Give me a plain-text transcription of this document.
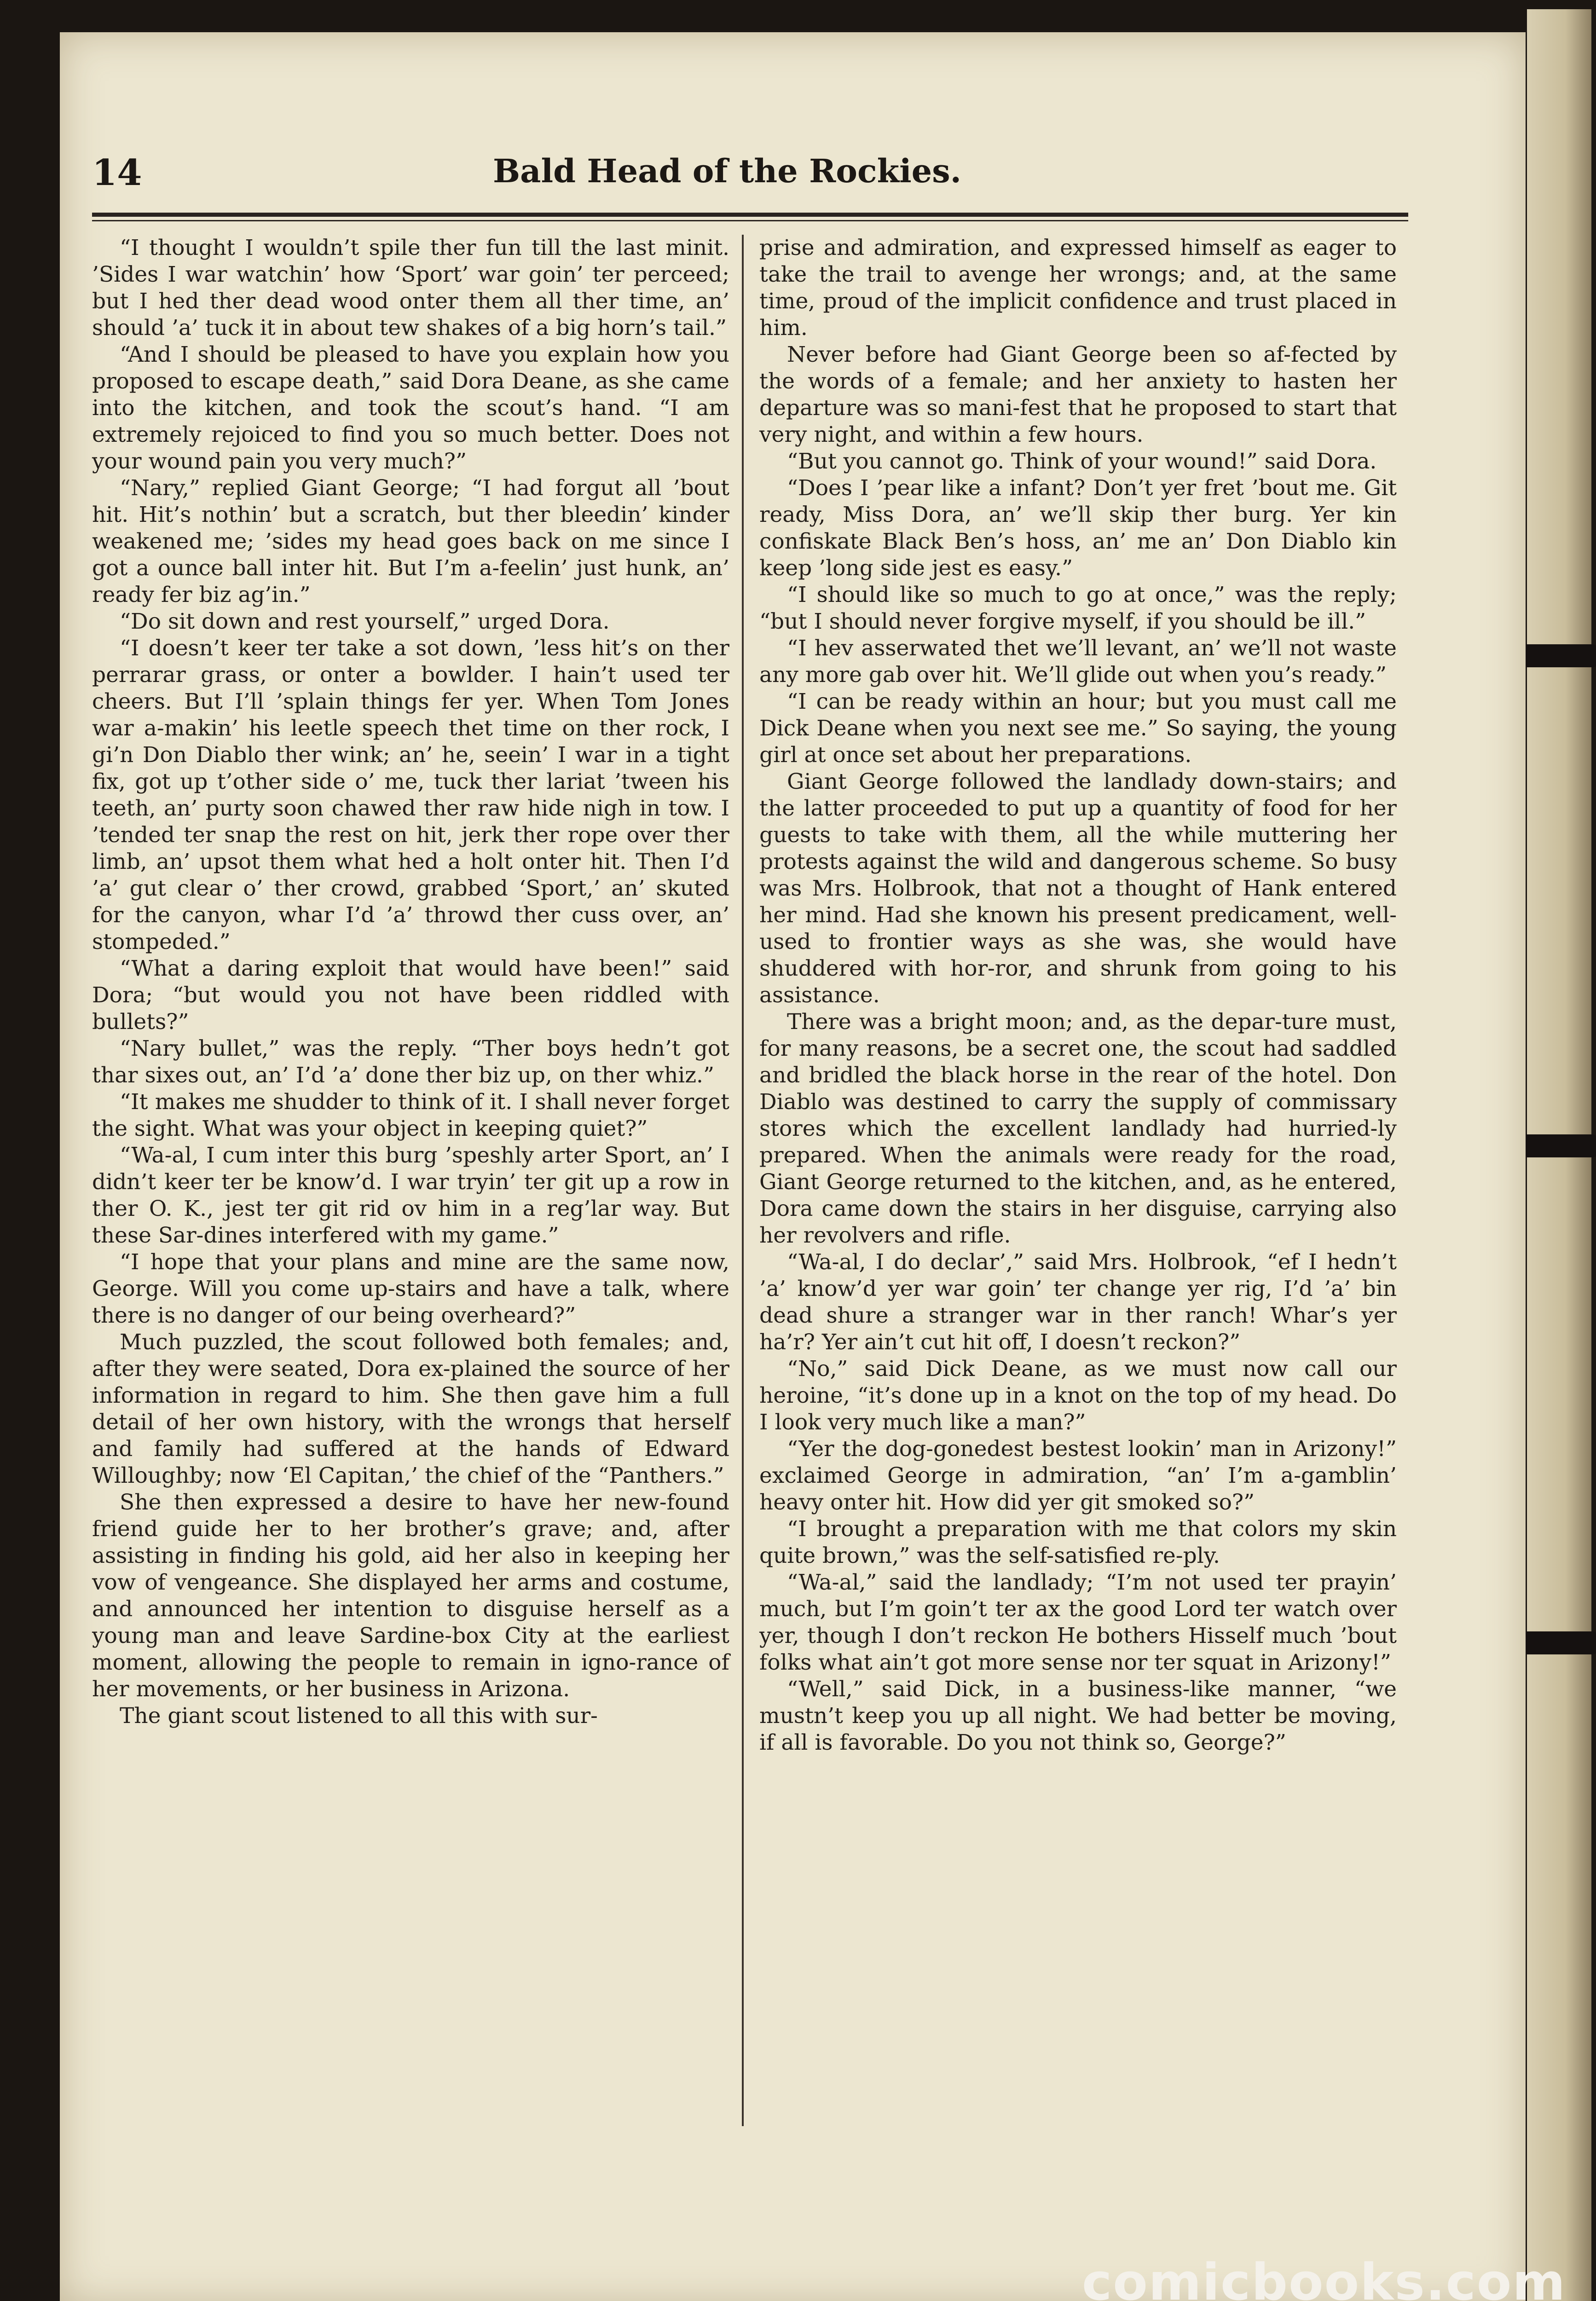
14	Bald Head of the Rockies.

“I thought I wouldn’t spile ther fun till the last minit. ’Sides I war watchin’ how ‘Sport’ war goin’ ter perceed; but I hed ther dead wood onter them all ther time, an’ should ’a’ tuck it in about tew shakes of a big horn’s tail.”

“And I should be pleased to have you explain how you proposed to escape death,” said Dora Deane, as she came into the kitchen, and took the scout’s hand. “I am extremely rejoiced to find you so much better. Does not your wound pain you very much?”

“Nary,” replied Giant George; “I had forgut all ’bout hit. Hit’s nothin’ but a scratch, but ther bleedin’ kinder weakened me; ’sides my head goes back on me since I got a ounce ball inter hit. But I’m a-feelin’ just hunk, an’ ready fer biz ag’in.”

“Do sit down and rest yourself,” urged Dora.

“I doesn’t keer ter take a sot down, ’less hit’s on ther perrarar grass, or onter a bowlder. I hain’t used ter cheers. But I’ll ’splain things fer yer. When Tom Jones war a-makin’ his leetle speech thet time on ther rock, I gi’n Don Diablo ther wink; an’ he, seein’ I war in a tight fix, got up t’other side o’ me, tuck ther lariat ’tween his teeth, an’ purty soon chawed ther raw hide nigh in tow. I ’tended ter snap the rest on hit, jerk ther rope over ther limb, an’ upsot them what hed a holt onter hit. Then I’d ’a’ gut clear o’ ther crowd, grabbed ‘Sport,’ an’ skuted for the canyon, whar I’d ’a’ throwd ther cuss over, an’ stompeded.”

“What a daring exploit that would have been!” said Dora; “but would you not have been riddled with bullets?”

“Nary bullet,” was the reply. “Ther boys hedn’t got thar sixes out, an’ I’d ’a’ done ther biz up, on ther whiz.”

“It makes me shudder to think of it. I shall never forget the sight. What was your object in keeping quiet?”

“Wa-al, I cum inter this burg ’speshly arter Sport, an’ I didn’t keer ter be know’d. I war tryin’ ter git up a row in ther O. K., jest ter git rid ov him in a reg’lar way. But these Sar-dines interfered with my game.”

“I hope that your plans and mine are the same now, George. Will you come up-stairs and have a talk, where there is no danger of our being overheard?”

Much puzzled, the scout followed both females; and, after they were seated, Dora ex-plained the source of her information in regard to him. She then gave him a full detail of her own history, with the wrongs that herself and family had suffered at the hands of Edward Willoughby; now ‘El Capitan,’ the chief of the “Panthers.”

She then expressed a desire to have her new-found friend guide her to her brother’s grave; and, after assisting in finding his gold, aid her also in keeping her vow of vengeance. She displayed her arms and costume, and announced her intention to disguise herself as a young man and leave Sardine-box City at the earliest moment, allowing the people to remain in igno-rance of her movements, or her business in Arizona.

The giant scout listened to all this with sur-

prise and admiration, and expressed himself as eager to take the trail to avenge her wrongs; and, at the same time, proud of the implicit confidence and trust placed in him.

Never before had Giant George been so af-fected by the words of a female; and her anxiety to hasten her departure was so mani-fest that he proposed to start that very night, and within a few hours.

“But you cannot go. Think of your wound!” said Dora.

“Does I ’pear like a infant? Don’t yer fret ’bout me. Git ready, Miss Dora, an’ we’ll skip ther burg. Yer kin confiskate Black Ben’s hoss, an’ me an’ Don Diablo kin keep ’long side jest es easy.”

“I should like so much to go at once,” was the reply; “but I should never forgive myself, if you should be ill.”

“I hev asserwated thet we’ll levant, an’ we’ll not waste any more gab over hit. We’ll glide out when you’s ready.”

“I can be ready within an hour; but you must call me Dick Deane when you next see me.” So saying, the young girl at once set about her preparations.

Giant George followed the landlady down-stairs; and the latter proceeded to put up a quantity of food for her guests to take with them, all the while muttering her protests against the wild and dangerous scheme. So busy was Mrs. Holbrook, that not a thought of Hank entered her mind. Had she known his present predicament, well-used to frontier ways as she was, she would have shuddered with hor-ror, and shrunk from going to his assistance.

There was a bright moon; and, as the depar-ture must, for many reasons, be a secret one, the scout had saddled and bridled the black horse in the rear of the hotel. Don Diablo was destined to carry the supply of commissary stores which the excellent landlady had hurried-ly prepared. When the animals were ready for the road, Giant George returned to the kitchen, and, as he entered, Dora came down the stairs in her disguise, carrying also her revolvers and rifle.

“Wa-al, I do declar’,” said Mrs. Holbrook, “ef I hedn’t ’a’ know’d yer war goin’ ter change yer rig, I’d ’a’ bin dead shure a stranger war in ther ranch! Whar’s yer ha’r? Yer ain’t cut hit off, I doesn’t reckon?”

“No,” said Dick Deane, as we must now call our heroine, “it’s done up in a knot on the top of my head. Do I look very much like a man?”

“Yer the dog-gonedest bestest lookin’ man in Arizony!” exclaimed George in admiration, “an’ I’m a-gamblin’ heavy onter hit. How did yer git smoked so?”

“I brought a preparation with me that colors my skin quite brown,” was the self-satisfied re-ply.

“Wa-al,” said the landlady; “I’m not used ter prayin’ much, but I’m goin’t ter ax the good Lord ter watch over yer, though I don’t reckon He bothers Hisself much ’bout folks what ain’t got more sense nor ter squat in Arizony!”

“Well,” said Dick, in a business-like manner, “we mustn’t keep you up all night. We had better be moving, if all is favorable. Do you not think so, George?”

comicbooks.com
